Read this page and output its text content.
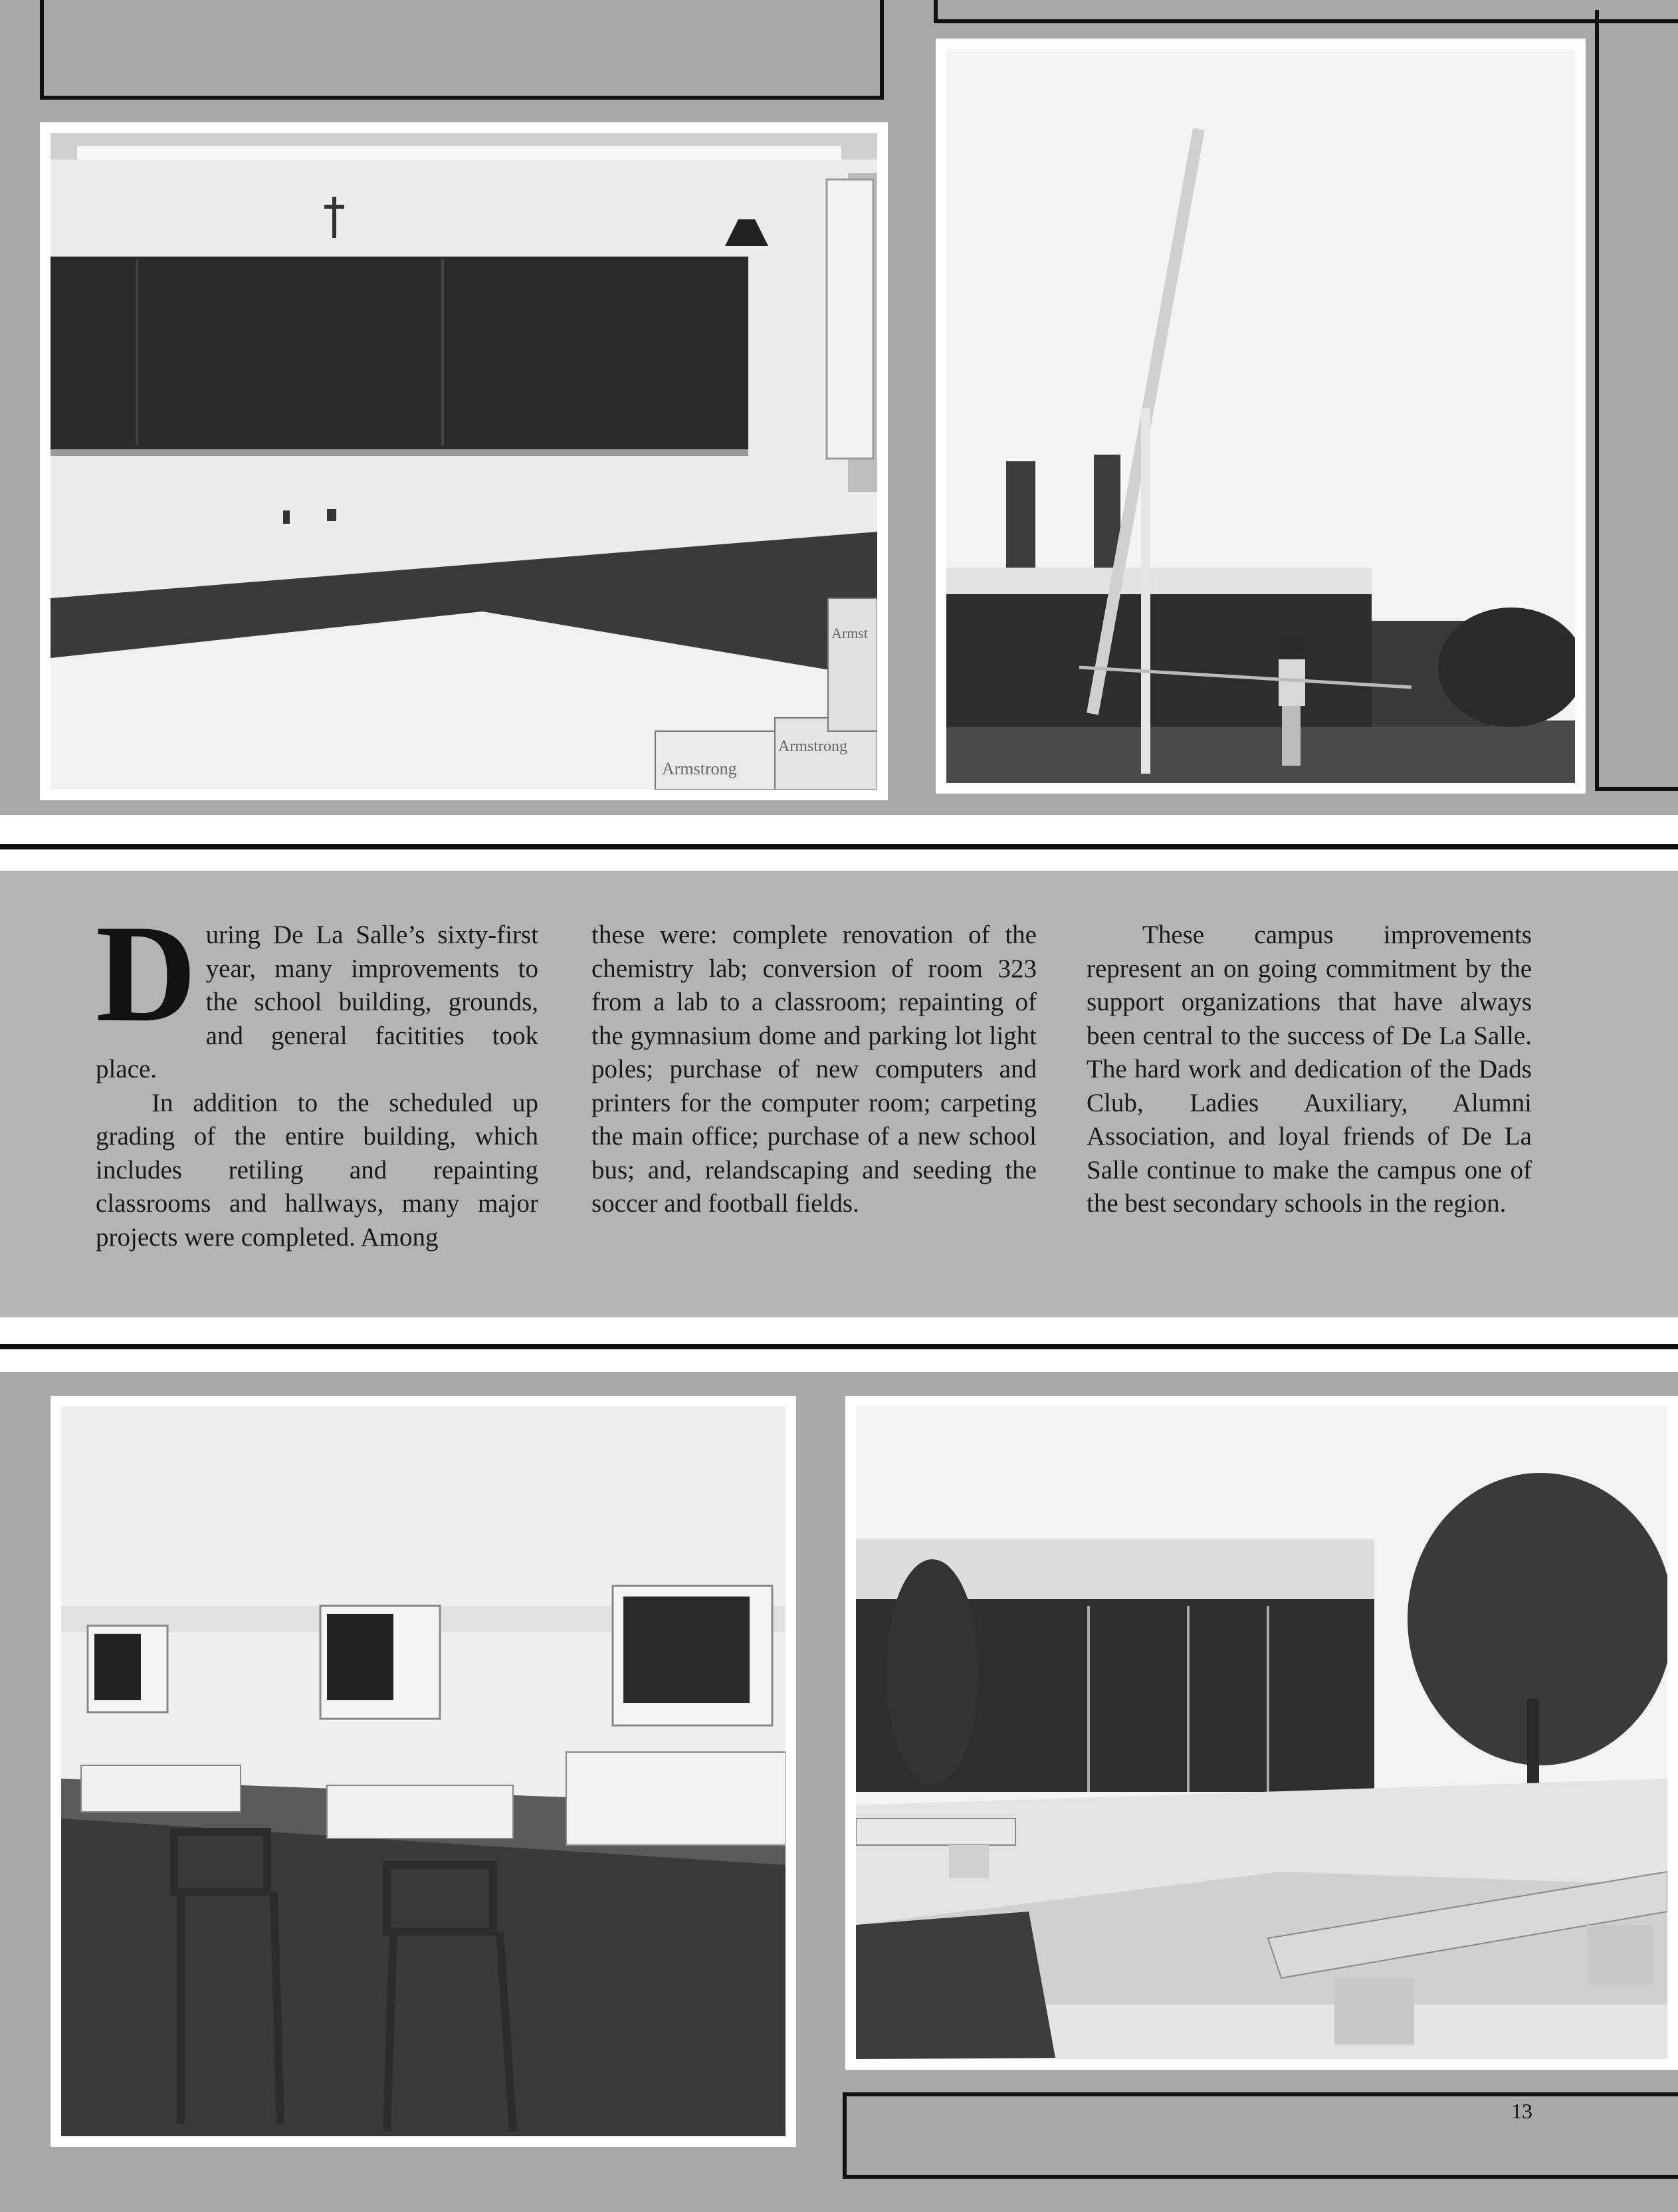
Armstrong
Armstrong
Armst
D uring De La Salle’s sixty-first year, many improvements to the school building, grounds, and general facitities took place.

In addition to the scheduled up grading of the entire building, which includes retiling and repainting classrooms and hallways, many major projects were completed. Among

these were: complete renovation of the chemistry lab; conversion of room 323 from a lab to a classroom; repainting of the gymnasium dome and parking lot light poles; purchase of new computers and printers for the computer room; carpeting the main office; purchase of a new school bus; and, relandscaping and seeding the soccer and football fields.

These campus improvements represent an on going commitment by the support organizations that have always been central to the success of De La Salle. The hard work and dedication of the Dads Club, Ladies Auxiliary, Alumni Association, and loyal friends of De La Salle continue to make the campus one of the best secondary schools in the region.

13
